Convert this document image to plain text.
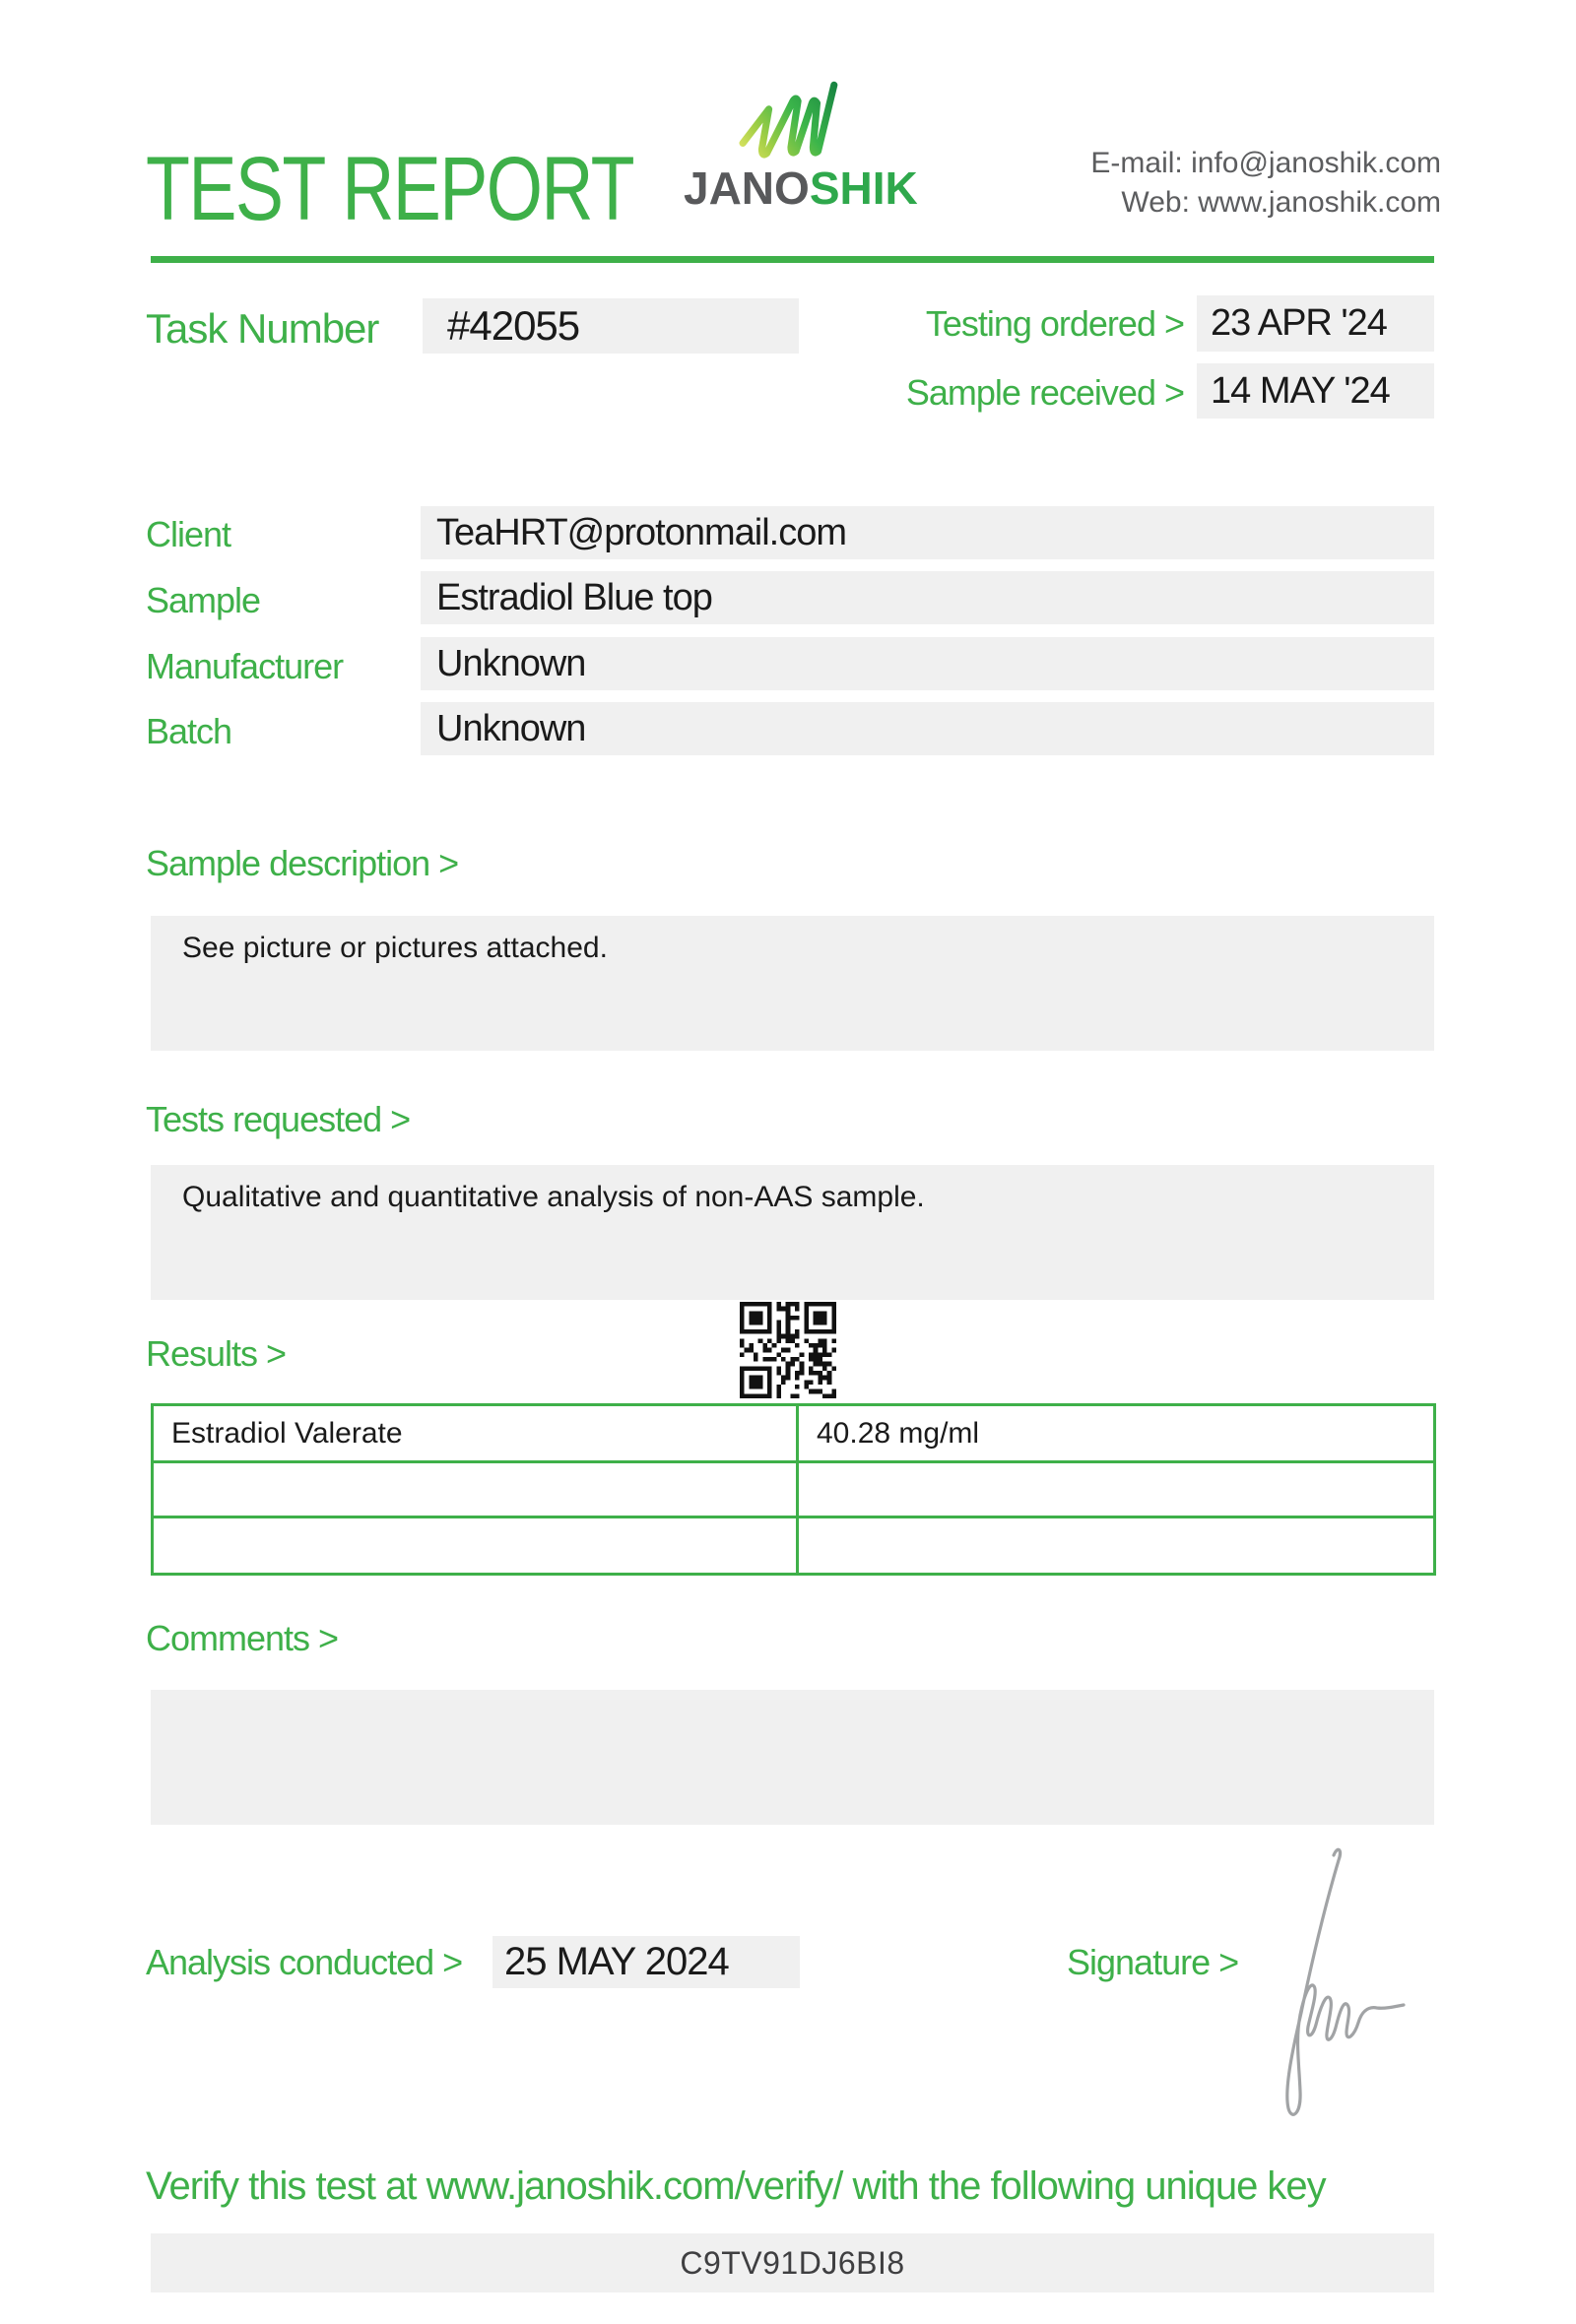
TEST REPORT JANOSHIK	E-mail: info@janoshik.com
Web: www.janoshik.com
Task Number	#42055	Testing ordered > 23 APR '24
Sample received > 14 MAY '24
Client	TeaHRT@protonmail.com
Sample	Estradiol Blue top
Manufacturer	Unknown
Batch	Unknown
Sample description >
See picture or pictures attached.
Tests requested >
Qualitative and quantitative analysis of non-AAS sample.
Results >
Estradiol Valerate	40.28 mg/ml
Comments >
Analysis conducted >	25 MAY 2024	Signature >
Verify this test at www.janoshik.com/verify/ with the following unique key
C9TV91DJ6BI8
